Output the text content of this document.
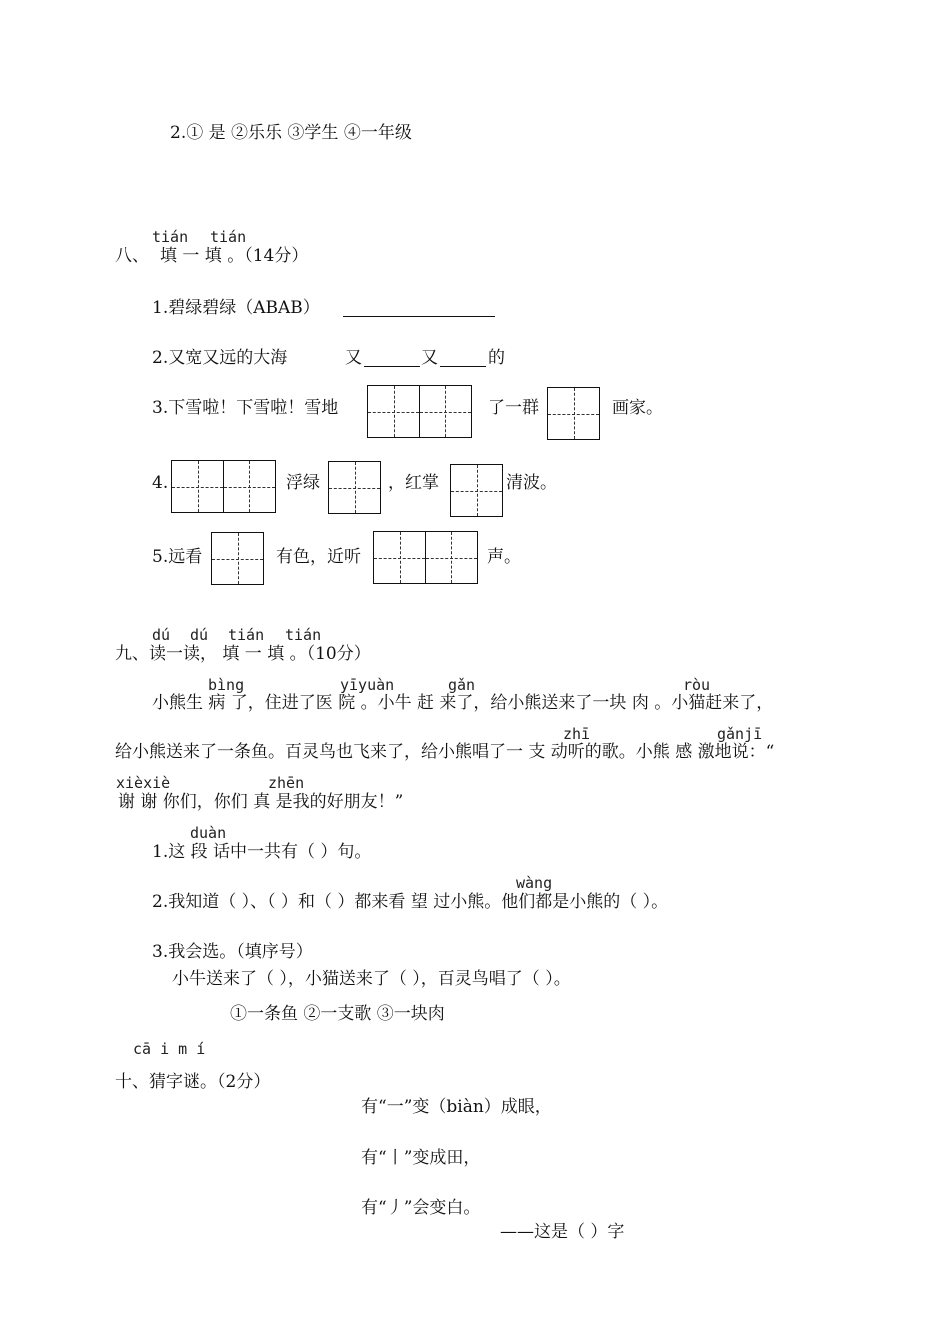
2.① 是 ②乐乐 ③学生 ④一年级
tián tián
八、 填 一 填 。（14分）
1.碧绿碧绿（ABAB）
2.又宽又远的大海	又	又	的
3.下雪啦！下雪啦！雪地	了一群	画家。
4.	浮绿	，红掌	清波。
5.远看	有色，近听	声。
dú dú tián tián
九、读一读， 填 一 填 。（10分）
bìng	yīyuàn	gǎn	ròu
小熊生 病 了，住进了医 院 。小牛 赶 来了，给小熊送来了一块 肉 。小猫赶来了，
zhī	gǎnjī
给小熊送来了一条鱼。百灵鸟也飞来了，给小熊唱了一 支 动听的歌。小熊 感 激地说：“
xièxiè	zhēn
谢 谢 你们，你们 真 是我的好朋友！”
duàn
1.这 段 话中一共有（ ）句。
wàng
2.我知道（ ）、（ ）和（ ）都来看 望 过小熊。他们都是小熊的（ ）。
3.我会选。（填序号）
小牛送来了（ ），小猫送来了（ ），百灵鸟唱了（ ）。
①一条鱼 ②一支歌 ③一块肉
cā i m í
十、猜字谜。（2分）
有“一”变（biàn）成眼，
有“丨”变成田，
有“丿”会变白。
——这是（ ）字
